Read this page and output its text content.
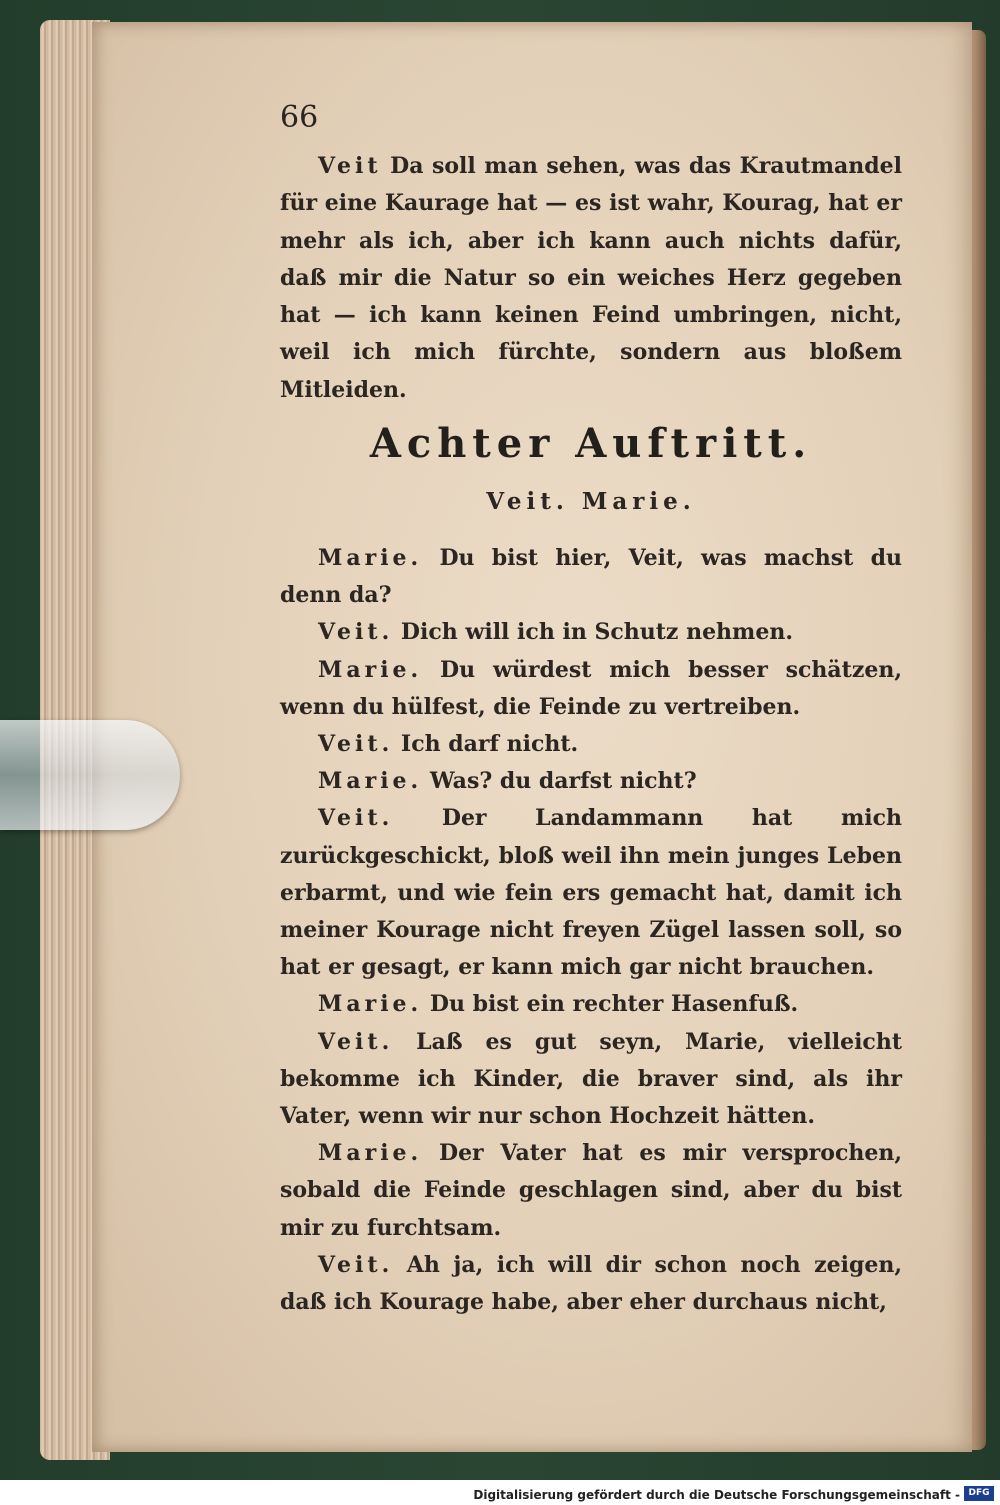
66

Veit Da soll man sehen, was das Krautmandel für eine Kaurage hat — es ist wahr, Kourag, hat er mehr als ich, aber ich kann auch nichts dafür, daß mir die Natur so ein weiches Herz gegeben hat — ich kann keinen Feind umbringen, nicht, weil ich mich fürchte, sondern aus bloßem Mitleiden.

Achter Auftritt.
Veit. Marie.

Marie. Du bist hier, Veit, was machst du denn da?

Veit. Dich will ich in Schutz nehmen.

Marie. Du würdest mich besser schätzen, wenn du hülfest, die Feinde zu vertreiben.

Veit. Ich darf nicht.

Marie. Was? du darfst nicht?

Veit. Der Landammann hat mich zurückgeschickt, bloß weil ihn mein junges Leben erbarmt, und wie fein ers gemacht hat, damit ich meiner Kourage nicht freyen Zügel lassen soll, so hat er gesagt, er kann mich gar nicht brauchen.

Marie. Du bist ein rechter Hasenfuß.

Veit. Laß es gut seyn, Marie, vielleicht bekomme ich Kinder, die braver sind, als ihr Vater, wenn wir nur schon Hochzeit hätten.

Marie. Der Vater hat es mir versprochen, sobald die Feinde geschlagen sind, aber du bist mir zu furchtsam.

Veit. Ah ja, ich will dir schon noch zeigen, daß ich Kourage habe, aber eher durchaus nicht,

Digitalisierung gefördert durch die Deutsche Forschungsgemeinschaft - DFG
